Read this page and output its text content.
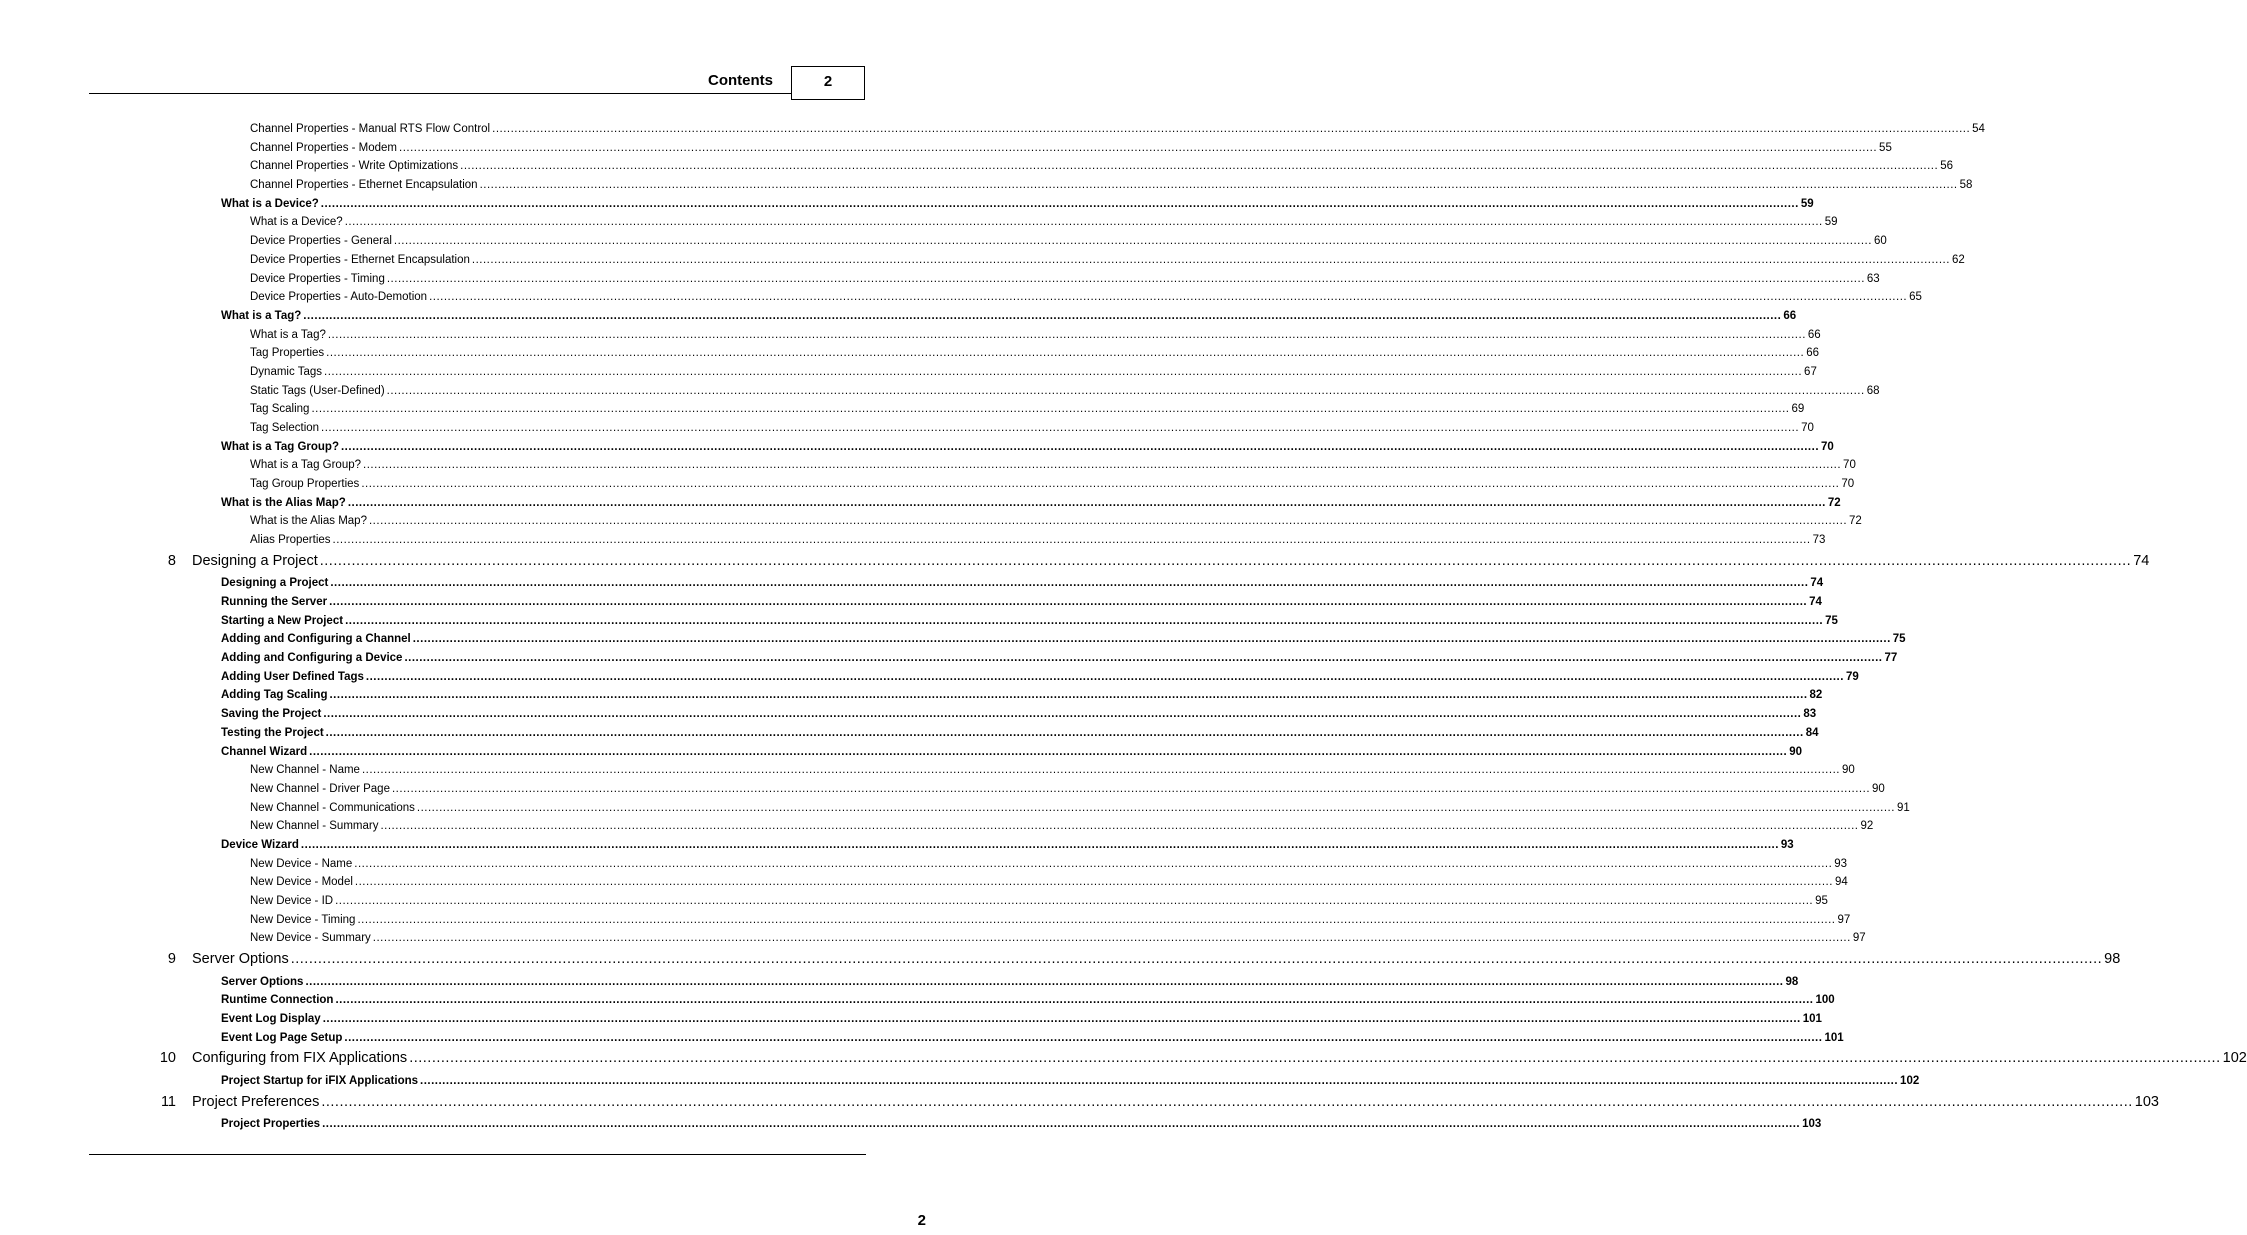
Contents	2
Channel Properties - Manual RTS Flow Control ................................................................................................................................................................................................................................................................................................................................................................................................................ 54
Channel Properties - Modem ................................................................................................................................................................................................................................................................................................................................................................................................................ 55
Channel Properties - Write Optimizations ................................................................................................................................................................................................................................................................................................................................................................................................................ 56
Channel Properties - Ethernet Encapsulation ................................................................................................................................................................................................................................................................................................................................................................................................................ 58
What is a Device? ................................................................................................................................................................................................................................................................................................................................................................................................................ 59
What is a Device? ................................................................................................................................................................................................................................................................................................................................................................................................................ 59
Device Properties - General ................................................................................................................................................................................................................................................................................................................................................................................................................ 60
Device Properties - Ethernet Encapsulation ................................................................................................................................................................................................................................................................................................................................................................................................................ 62
Device Properties - Timing ................................................................................................................................................................................................................................................................................................................................................................................................................ 63
Device Properties - Auto-Demotion ................................................................................................................................................................................................................................................................................................................................................................................................................ 65
What is a Tag? ................................................................................................................................................................................................................................................................................................................................................................................................................ 66
What is a Tag? ................................................................................................................................................................................................................................................................................................................................................................................................................ 66
Tag Properties ................................................................................................................................................................................................................................................................................................................................................................................................................ 66
Dynamic Tags ................................................................................................................................................................................................................................................................................................................................................................................................................ 67
Static Tags (User-Defined) ................................................................................................................................................................................................................................................................................................................................................................................................................ 68
Tag Scaling ................................................................................................................................................................................................................................................................................................................................................................................................................ 69
Tag Selection ................................................................................................................................................................................................................................................................................................................................................................................................................ 70
What is a Tag Group? ................................................................................................................................................................................................................................................................................................................................................................................................................ 70
What is a Tag Group? ................................................................................................................................................................................................................................................................................................................................................................................................................ 70
Tag Group Properties ................................................................................................................................................................................................................................................................................................................................................................................................................ 70
What is the Alias Map? ................................................................................................................................................................................................................................................................................................................................................................................................................ 72
What is the Alias Map? ................................................................................................................................................................................................................................................................................................................................................................................................................ 72
Alias Properties ................................................................................................................................................................................................................................................................................................................................................................................................................ 73
8 Designing a Project ................................................................................................................................................................................................................................................................................................................................................................................................................ 74
Designing a Project ................................................................................................................................................................................................................................................................................................................................................................................................................ 74
Running the Server ................................................................................................................................................................................................................................................................................................................................................................................................................ 74
Starting a New Project ................................................................................................................................................................................................................................................................................................................................................................................................................ 75
Adding and Configuring a Channel ................................................................................................................................................................................................................................................................................................................................................................................................................ 75
Adding and Configuring a Device ................................................................................................................................................................................................................................................................................................................................................................................................................ 77
Adding User Defined Tags ................................................................................................................................................................................................................................................................................................................................................................................................................ 79
Adding Tag Scaling ................................................................................................................................................................................................................................................................................................................................................................................................................ 82
Saving the Project ................................................................................................................................................................................................................................................................................................................................................................................................................ 83
Testing the Project ................................................................................................................................................................................................................................................................................................................................................................................................................ 84
Channel Wizard ................................................................................................................................................................................................................................................................................................................................................................................................................ 90
New Channel - Name ................................................................................................................................................................................................................................................................................................................................................................................................................ 90
New Channel - Driver Page ................................................................................................................................................................................................................................................................................................................................................................................................................ 90
New Channel - Communications ................................................................................................................................................................................................................................................................................................................................................................................................................ 91
New Channel - Summary ................................................................................................................................................................................................................................................................................................................................................................................................................ 92
Device Wizard ................................................................................................................................................................................................................................................................................................................................................................................................................ 93
New Device - Name ................................................................................................................................................................................................................................................................................................................................................................................................................ 93
New Device - Model ................................................................................................................................................................................................................................................................................................................................................................................................................ 94
New Device - ID ................................................................................................................................................................................................................................................................................................................................................................................................................ 95
New Device - Timing ................................................................................................................................................................................................................................................................................................................................................................................................................ 97
New Device - Summary ................................................................................................................................................................................................................................................................................................................................................................................................................ 97
9 Server Options ................................................................................................................................................................................................................................................................................................................................................................................................................ 98
Server Options ................................................................................................................................................................................................................................................................................................................................................................................................................ 98
Runtime Connection ................................................................................................................................................................................................................................................................................................................................................................................................................ 100
Event Log Display ................................................................................................................................................................................................................................................................................................................................................................................................................ 101
Event Log Page Setup ................................................................................................................................................................................................................................................................................................................................................................................................................ 101
10 Configuring from FIX Applications ................................................................................................................................................................................................................................................................................................................................................................................................................ 102
Project Startup for iFIX Applications ................................................................................................................................................................................................................................................................................................................................................................................................................ 102
11 Project Preferences ................................................................................................................................................................................................................................................................................................................................................................................................................ 103
Project Properties ................................................................................................................................................................................................................................................................................................................................................................................................................ 103
2
